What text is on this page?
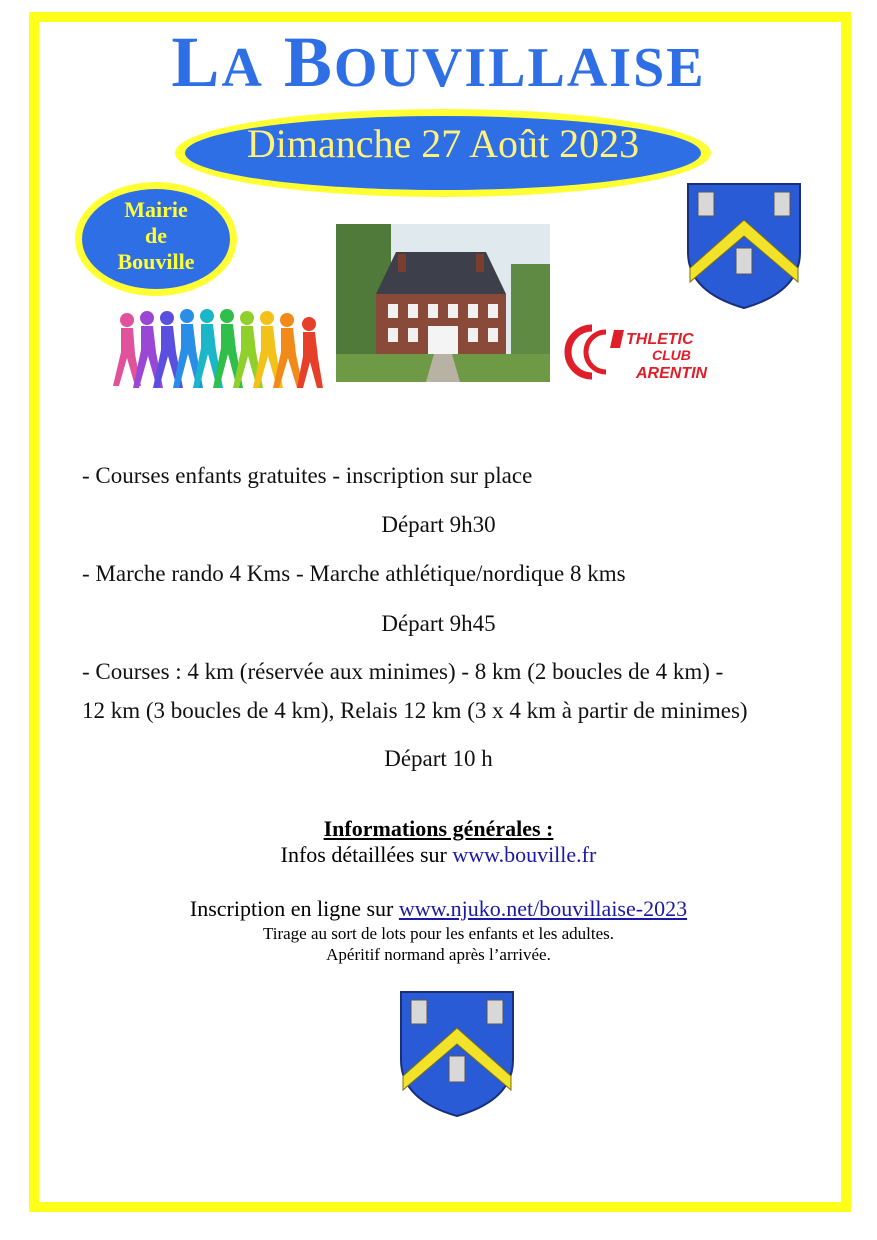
LA BOUVILLAISE
Dimanche 27 Août 2023
Mairie
de
Bouville
THLETIC
CLUB
ARENTIN
- Courses enfants gratuites - inscription sur place
Départ 9h30
- Marche rando 4 Kms - Marche athlétique/nordique 8 kms
Départ 9h45
- Courses : 4 km (réservée aux minimes) - 8 km (2 boucles de 4 km) -
12 km (3 boucles de 4 km), Relais 12 km (3 x 4 km à partir de minimes)
Départ 10 h
Informations générales :
Infos détaillées sur www.bouville.fr
Inscription en ligne sur www.njuko.net/bouvillaise-2023
Tirage au sort de lots pour les enfants et les adultes.
Apéritif normand après l’arrivée.
